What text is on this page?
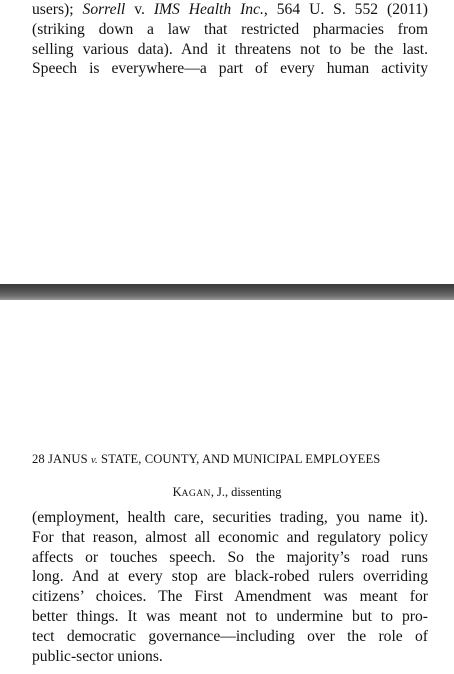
users); Sorrell v. IMS Health Inc., 564 U. S. 552 (2011)
(striking down a law that restricted pharmacies from
selling various data). And it threatens not to be the last.
Speech is everywhere—a part of every human activity

28 JANUS v. STATE, COUNTY, AND MUNICIPAL EMPLOYEES
KAGAN, J., dissenting

(employment, health care, securities trading, you name it).
For that reason, almost all economic and regulatory policy
affects or touches speech. So the majority’s road runs
long. And at every stop are black-robed rulers overriding
citizens’ choices. The First Amendment was meant for
better things. It was meant not to undermine but to pro-
tect democratic governance—including over the role of
public-sector unions.
